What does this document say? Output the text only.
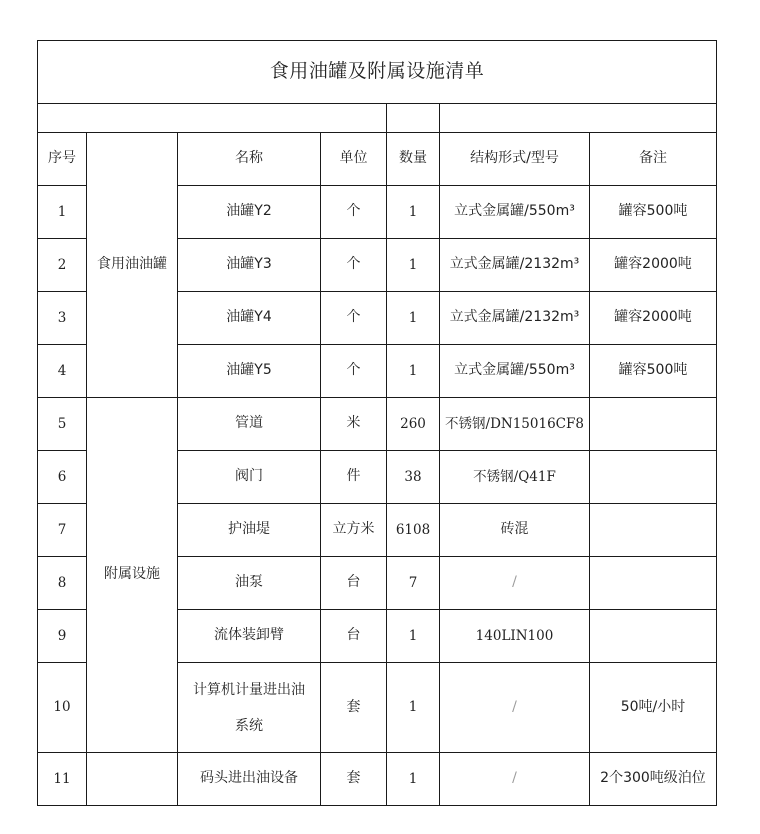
食用油罐及附属设施清单						

序号	食用油油罐	名称	单位	数量	结构形式/型号	备注
1		油罐Y2	个	1	立式金属罐/550m³	罐容500吨
2		油罐Y3	个	1	立式金属罐/2132m³	罐容2000吨
3		油罐Y4	个	1	立式金属罐/2132m³	罐容2000吨
4		油罐Y5	个	1	立式金属罐/550m³	罐容500吨
5	附属设施	管道	米	260	不锈钢/DN15016CF8	
6		阀门	件	38	不锈钢/Q41F	
7		护油堤	立方米	6108	砖混	
8		油泵	台	7	/	
9		流体装卸臂	台	1	140LIN100	
10		计算机计量进出油
系统	套	1	/	50吨/小时
11		码头进出油设备	套	1	/	2个300吨级泊位
